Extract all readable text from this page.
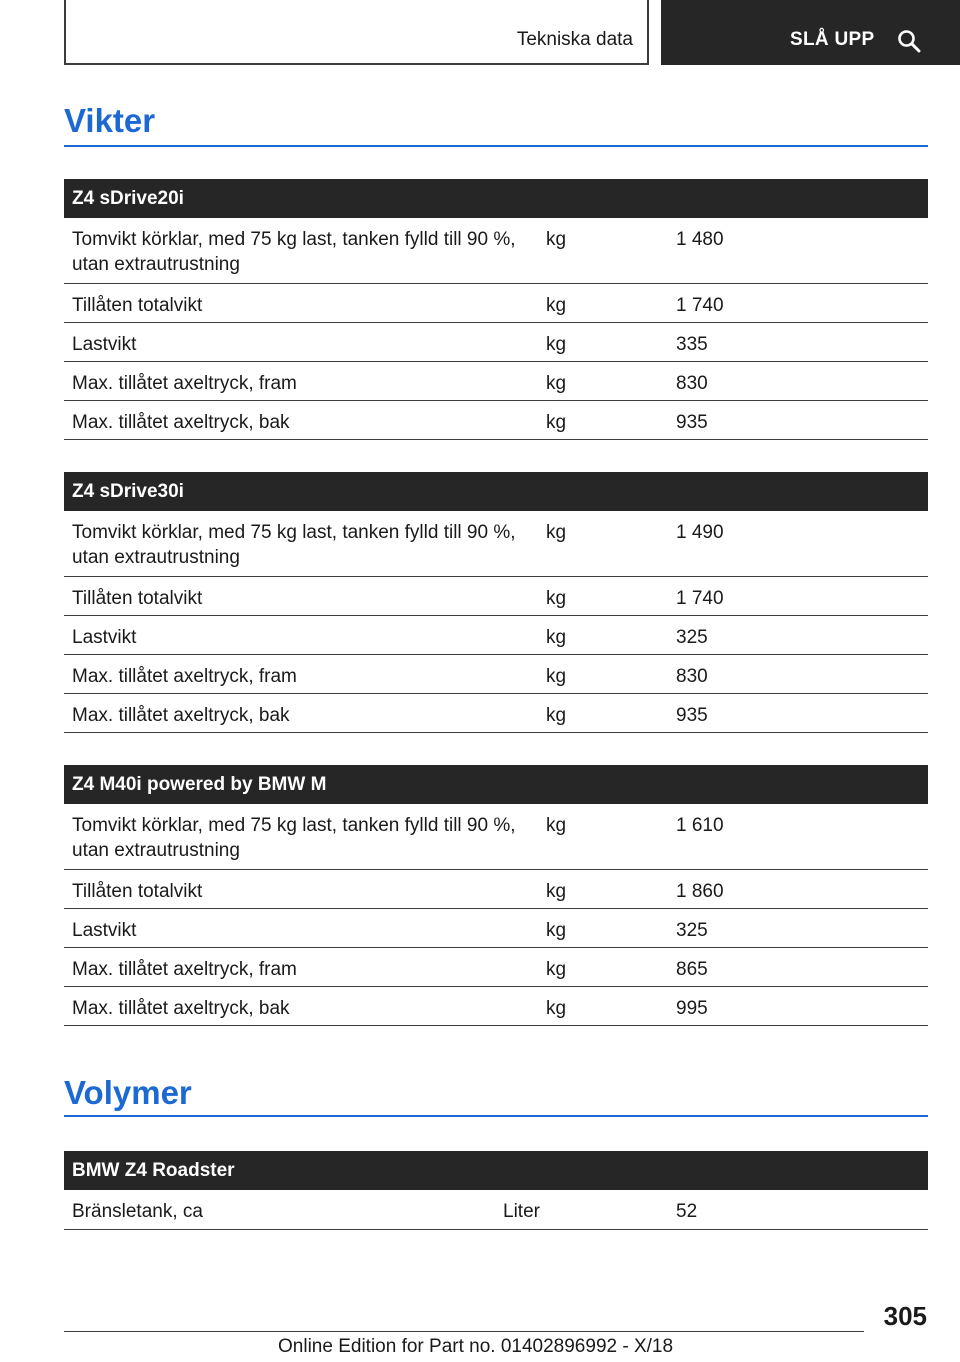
Tekniska data	SLÅ UPP
Vikter
Z4 sDrive20i		
Tomvikt körklar, med 75 kg last, tanken fylld till 90 %, utan extrautrustning	kg	1 480
Tillåten totalvikt	kg	1 740
Lastvikt	kg	335
Max. tillåtet axeltryck, fram	kg	830
Max. tillåtet axeltryck, bak	kg	935
Z4 sDrive30i		
Tomvikt körklar, med 75 kg last, tanken fylld till 90 %, utan extrautrustning	kg	1 490
Tillåten totalvikt	kg	1 740
Lastvikt	kg	325
Max. tillåtet axeltryck, fram	kg	830
Max. tillåtet axeltryck, bak	kg	935
Z4 M40i powered by BMW M		
Tomvikt körklar, med 75 kg last, tanken fylld till 90 %, utan extrautrustning	kg	1 610
Tillåten totalvikt	kg	1 860
Lastvikt	kg	325
Max. tillåtet axeltryck, fram	kg	865
Max. tillåtet axeltryck, bak	kg	995
Volymer
BMW Z4 Roadster
Bränsletank, ca	Liter	52
305
Online Edition for Part no. 01402896992 - X/18
